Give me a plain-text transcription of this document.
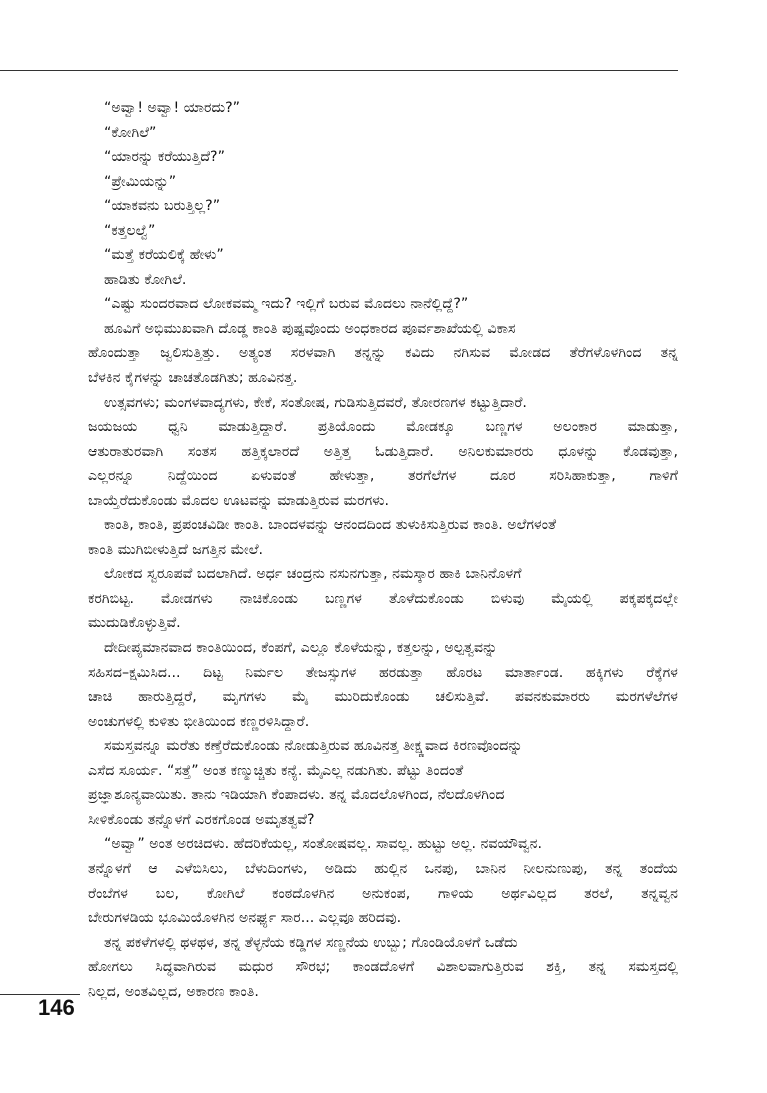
“ಅವ್ವಾ! ಅವ್ವಾ! ಯಾರದು?”
“ಕೋಗಿಲೆ”
“ಯಾರನ್ನು ಕರೆಯುತ್ತಿದೆ?”
“ಪ್ರೇಮಿಯನ್ನು”
“ಯಾಕವನು ಬರುತ್ತಿಲ್ಲ?”
“ಕತ್ತಲಲ್ವೆ”
“ಮತ್ತೆ ಕರೆಯಲಿಕ್ಕೆ ಹೇಳು”
ಹಾಡಿತು ಕೋಗಿಲೆ.
“ಎಷ್ಟು ಸುಂದರವಾದ ಲೋಕವಮ್ಮ ಇದು? ಇಲ್ಲಿಗೆ ಬರುವ ಮೊದಲು ನಾನೆಲ್ಲಿದ್ದೆ?”
ಹೂವಿಗೆ ಅಭಿಮುಖವಾಗಿ ದೊಡ್ಡ ಕಾಂತಿ ಪುಷ್ಪವೊಂದು ಅಂಧಕಾರದ ಪೂರ್ವಶಾಖೆಯಲ್ಲಿ ವಿಕಾಸ
ಹೊಂದುತ್ತಾ ಜ್ವಲಿಸುತ್ತಿತ್ತು. ಅತ್ಯಂತ ಸರಳವಾಗಿ ತನ್ನನ್ನು ಕವಿದು ನಗಿಸುವ ಮೋಡದ ತೆರೆಗಳೊಳಗಿಂದ ತನ್ನ
ಬೆಳಕಿನ ಕೈಗಳನ್ನು ಚಾಚತೊಡಗಿತು; ಹೂವಿನತ್ತ.
ಉತ್ಸವಗಳು; ಮಂಗಳವಾದ್ಯಗಳು, ಕೇಕೆ, ಸಂತೋಷ, ಗುಡಿಸುತ್ತಿದವರೆ, ತೋರಣಗಳ ಕಟ್ಟುತ್ತಿದಾರೆ.
ಜಯಜಯ ಧ್ವನಿ ಮಾಡುತ್ತಿದ್ದಾರೆ. ಪ್ರತಿಯೊಂದು ಮೋಡಕ್ಕೂ ಬಣ್ಣಗಳ ಅಲಂಕಾರ ಮಾಡುತ್ತಾ,
ಆತುರಾತುರವಾಗಿ ಸಂತಸ ಹತ್ತಿಕ್ಕಲಾರದೆ ಅತ್ತಿತ್ತ ಓಡುತ್ತಿದಾರೆ. ಅನಿಲಕುಮಾರರು ಧೂಳನ್ನು ಕೊಡವುತ್ತಾ,
ಎಲ್ಲರನ್ನೂ ನಿದ್ದೆಯಿಂದ ಏಳುವಂತೆ ಹೇಳುತ್ತಾ, ತರಗೆಲೆಗಳ ದೂರ ಸರಿಸಿಹಾಕುತ್ತಾ, ಗಾಳಿಗೆ
ಬಾಯ್ತೆರೆದುಕೊಂಡು ಮೊದಲ ಊಟವನ್ನು ಮಾಡುತ್ತಿರುವ ಮರಗಳು.
ಕಾಂತಿ, ಕಾಂತಿ, ಪ್ರಪಂಚವಿಡೀ ಕಾಂತಿ. ಬಾಂದಳವನ್ನು ಆನಂದದಿಂದ ತುಳುಕಿಸುತ್ತಿರುವ ಕಾಂತಿ. ಅಲೆಗಳಂತೆ
ಕಾಂತಿ ಮುಗಿಬೀಳುತ್ತಿದೆ ಜಗತ್ತಿನ ಮೇಲೆ.
ಲೋಕದ ಸ್ವರೂಪವೆ ಬದಲಾಗಿದೆ. ಅರ್ಧ ಚಂದ್ರನು ನಸುನಗುತ್ತಾ, ನಮಸ್ಕಾರ ಹಾಕಿ ಬಾನಿನೊಳಗೆ
ಕರಗಿಬಿಟ್ಟ. ಮೋಡಗಳು ನಾಚಿಕೊಂಡು ಬಣ್ಣಗಳ ತೊಳೆದುಕೊಂಡು ಬಿಳುವು ಮೈಯಲ್ಲಿ ಪಕ್ಕಪಕ್ಕದಲ್ಲೇ
ಮುದುಡಿಕೊಳ್ಳುತ್ತಿವೆ.
ದೇದೀಪ್ಯಮಾನವಾದ ಕಾಂತಿಯಿಂದ, ಕೆಂಪಗೆ, ಎಲ್ಲೂ ಕೊಳೆಯನ್ನು, ಕತ್ತಲನ್ನು, ಅಲ್ಪತ್ವವನ್ನು
ಸಹಿಸದ–ಕ್ಷಮಿಸಿದ... ದಿಟ್ಟ ನಿರ್ಮಲ ತೇಜಸ್ಸುಗಳ ಹರಡುತ್ತಾ ಹೊರಟ ಮಾರ್ತಾಂಡ. ಹಕ್ಕಿಗಳು ರೆಕ್ಕೆಗಳ
ಚಾಚಿ ಹಾರುತ್ತಿದ್ದರೆ, ಮೃಗಗಳು ಮೈ ಮುರಿದುಕೊಂಡು ಚಲಿಸುತ್ತಿವೆ. ಪವನಕುಮಾರರು ಮರಗಳೆಲೆಗಳ
ಅಂಚುಗಳಲ್ಲಿ ಕುಳಿತು ಭೀತಿಯಿಂದ ಕಣ್ಣರಳಿಸಿದ್ದಾರೆ.
ಸಮಸ್ತವನ್ನೂ ಮರೆತು ಕಣ್ತೆರೆದುಕೊಂಡು ನೋಡುತ್ತಿರುವ ಹೂವಿನತ್ತ ತೀಕ್ಷ್ಣವಾದ ಕಿರಣವೊಂದನ್ನು
ಎಸೆದ ಸೂರ್ಯ. “ಸತ್ತೆ” ಅಂತ ಕಣ್ಮುಚ್ಚಿತು ಕನ್ಯೆ. ಮೈಎಲ್ಲ ನಡುಗಿತು. ಪೆಟ್ಟು ತಿಂದಂತೆ
ಪ್ರಜ್ಞಾಶೂನ್ಯವಾಯಿತು. ತಾನು ಇಡಿಯಾಗಿ ಕೆಂಪಾದಳು. ತನ್ನ ಮೊದಲೊಳಗಿಂದ, ನೆಲದೊಳಗಿಂದ
ಸೀಳಿಕೊಂಡು ತನ್ನೊಳಗೆ ಎರಕಗೊಂಡ ಅಮೃತತ್ವವೆ?
“ಅವ್ವಾ” ಅಂತ ಅರಚಿದಳು. ಹೆದರಿಕೆಯಲ್ಲ, ಸಂತೋಷವಲ್ಲ. ಸಾವಲ್ಲ. ಹುಟ್ಟು ಅಲ್ಲ. ನವಯೌವ್ವನ.
ತನ್ನೊಳಗೆ ಆ ಎಳೆಬಿಸಿಲು, ಬೆಳುದಿಂಗಳು, ಅಡಿದು ಹುಲ್ಲಿನ ಒನಪು, ಬಾನಿನ ನೀಲನುಣುಪು, ತನ್ನ ತಂದೆಯ
ರೆಂಬೆಗಳ ಬಲ, ಕೋಗಿಲೆ ಕಂಠದೊಳಗಿನ ಅನುಕಂಪ, ಗಾಳಿಯ ಅರ್ಥವಿಲ್ಲದ ತರಲೆ, ತನ್ನವ್ವನ
ಬೇರುಗಳಡಿಯ ಭೂಮಿಯೊಳಗಿನ ಅನರ್ಘ್ಯ ಸಾರ... ಎಲ್ಲವೂ ಹರಿದವು.
ತನ್ನ ಪಕಳೆಗಳಲ್ಲಿ ಥಳಥಳ, ತನ್ನ ತೆಳ್ಳನೆಯ ಕಡ್ಡಿಗಳ ಸಣ್ಣನೆಯ ಉಬ್ಬು; ಗೊಂಡಿಯೊಳಗೆ ಒಡೆದು
ಹೋಗಲು ಸಿದ್ಧವಾಗಿರುವ ಮಧುರ ಸೌರಭ; ಕಾಂಡದೊಳಗೆ ವಿಶಾಲವಾಗುತ್ತಿರುವ ಶಕ್ತಿ, ತನ್ನ ಸಮಸ್ತದಲ್ಲಿ
ನಿಲ್ಲದ, ಅಂತವಿಲ್ಲದ, ಅಕಾರಣ ಕಾಂತಿ.
146
